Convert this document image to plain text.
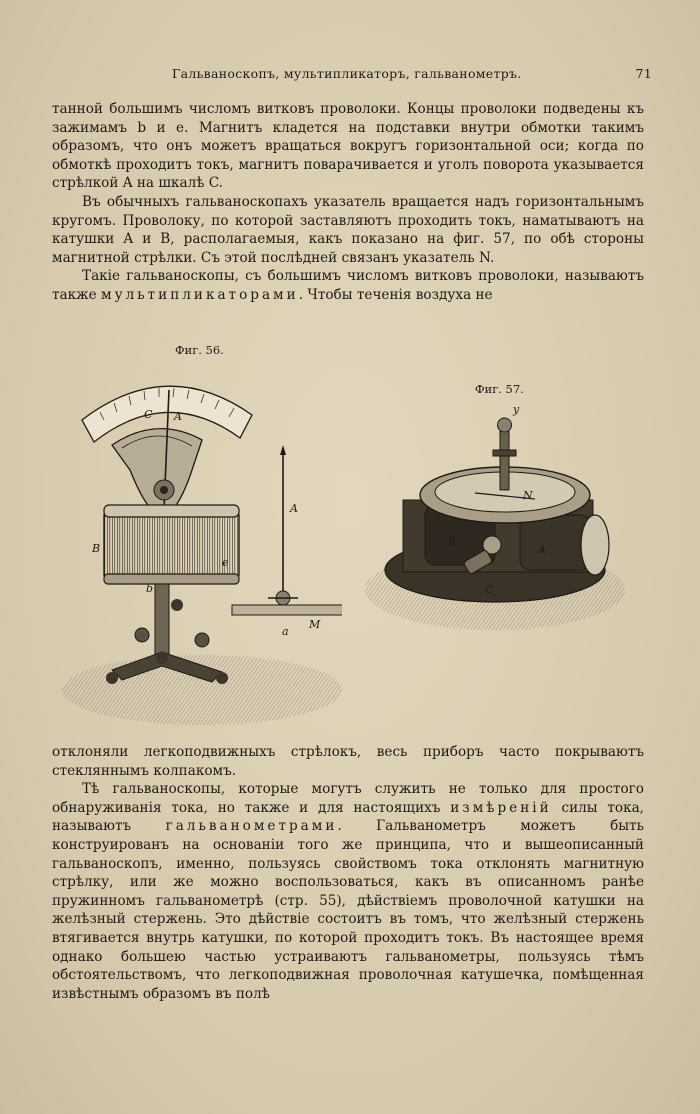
Гальваноскопъ, мультипликаторъ, гальванометръ.	71

танной большимъ числомъ витковъ проволоки. Концы проволоки подведены къ зажимамъ b и e. Магнитъ кладется на подставки внутри обмотки такимъ образомъ, что онъ можетъ вращаться вокругъ горизонтальной оси; когда по обмоткѣ проходитъ токъ, магнитъ поварачивается и уголъ поворота указывается стрѣлкой A на шкалѣ C.

Въ обычныхъ гальваноскопахъ указатель вращается надъ горизонтальнымъ кругомъ. Проволоку, по которой заставляютъ проходить токъ, наматываютъ на катушки A и B, располагаемыя, какъ показано на фиг. 57, по обѣ стороны магнитной стрѣлки. Съ этой послѣдней связанъ указатель N.

Такіе гальваноскопы, съ большимъ числомъ витковъ проволоки, называютъ также мультипликаторами. Чтобы теченія воздуха не

Фиг. 56.
C A
B
b
e
A
a
M
Фиг. 57.
y
N
B
A
C

отклоняли легкоподвижныхъ стрѣлокъ, весь приборъ часто покрываютъ стекляннымъ колпакомъ.

Тѣ гальваноскопы, которые могутъ служить не только для простого обнаруживанія тока, но также и для настоящихъ измѣреній силы тока, называютъ гальванометрами. Гальванометръ можетъ быть конструированъ на основаніи того же принципа, что и вышеописанный гальваноскопъ, именно, пользуясь свойствомъ тока отклонять магнитную стрѣлку, или же можно воспользоваться, какъ въ описанномъ ранѣе пружинномъ гальванометрѣ (стр. 55), дѣйствіемъ проволочной катушки на желѣзный стержень. Это дѣйствіе состоитъ въ томъ, что желѣзный стержень втягивается внутрь катушки, по которой проходитъ токъ. Въ настоящее время однако большею частью устраиваютъ гальванометры, пользуясь тѣмъ обстоятельствомъ, что легкоподвижная проволочная катушечка, помѣщенная извѣстнымъ образомъ въ полѣ
